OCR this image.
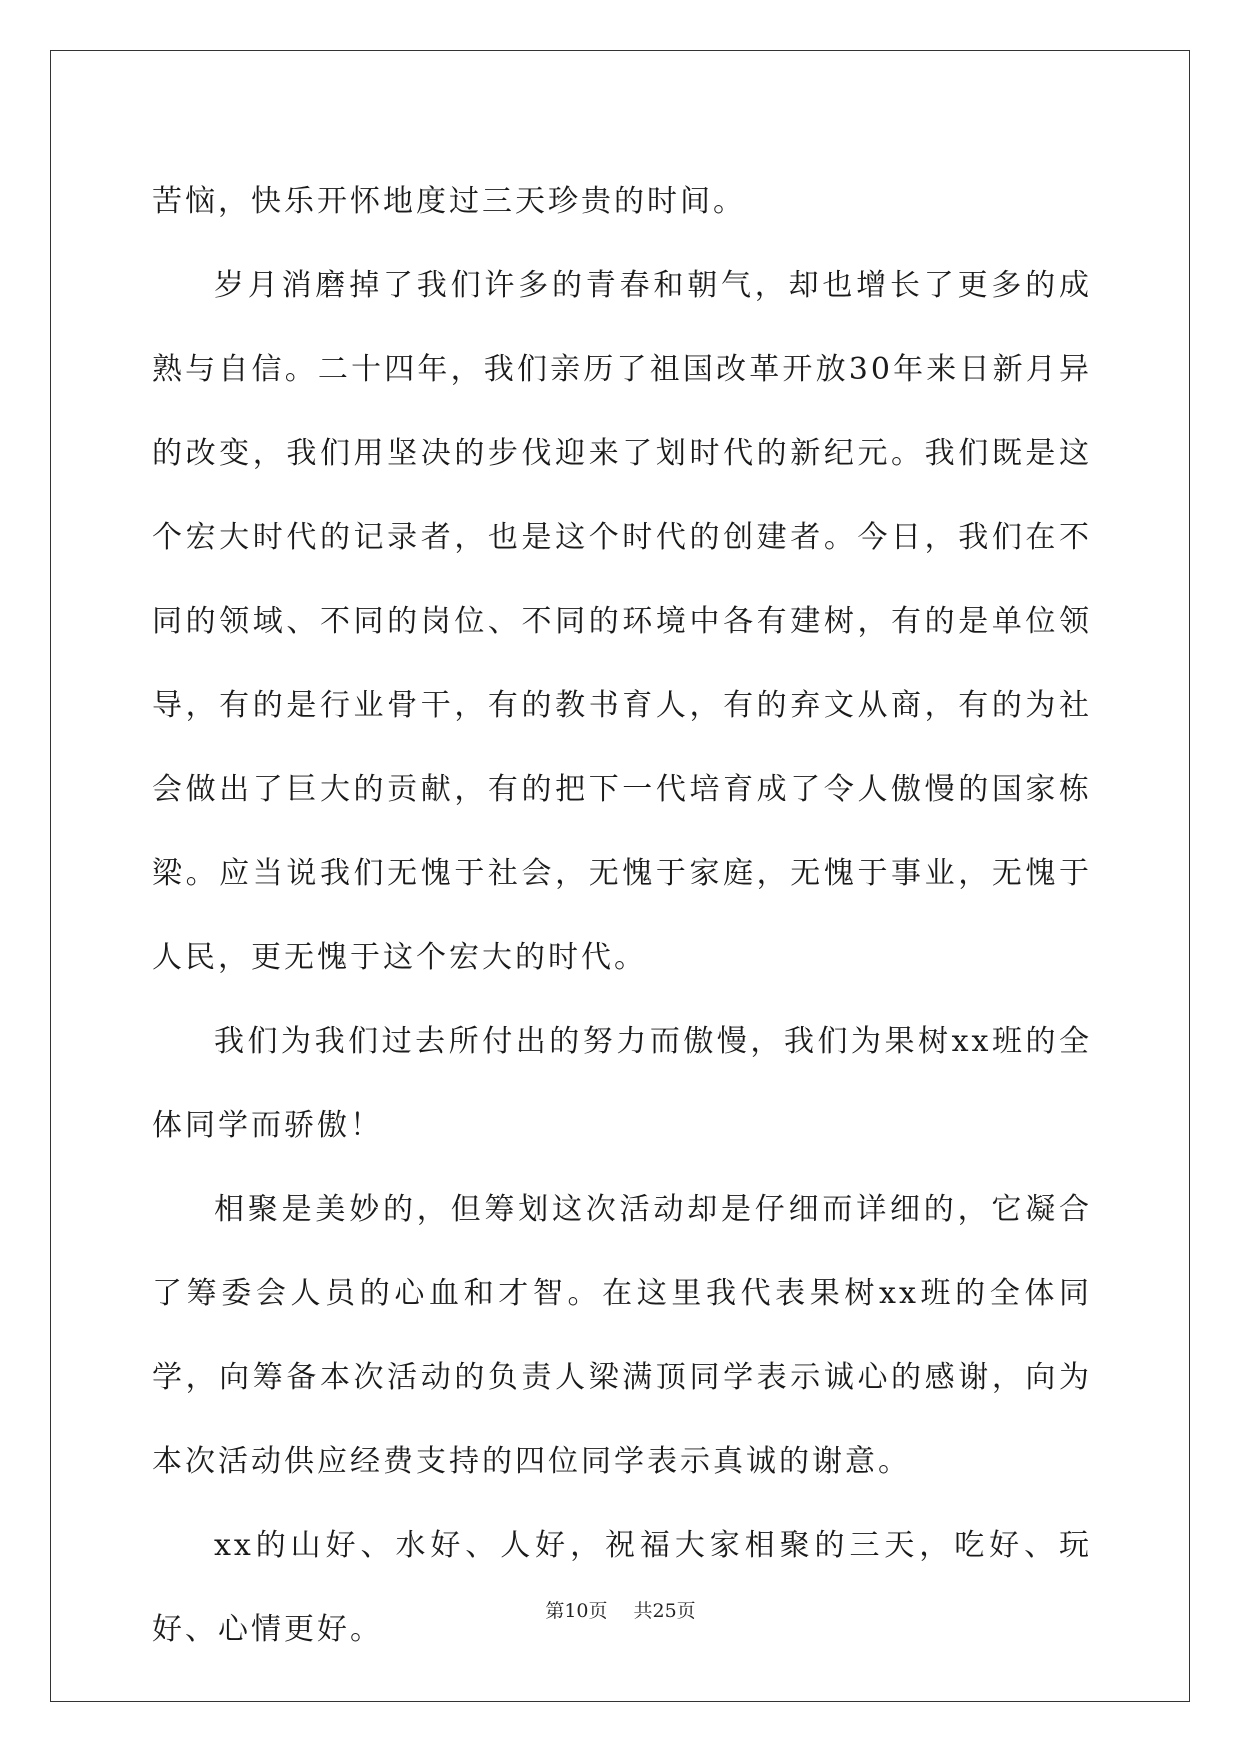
苦恼，快乐开怀地度过三天珍贵的时间。

岁月消磨掉了我们许多的青春和朝气，却也增长了更多的成熟与自信。二十四年，我们亲历了祖国改革开放30年来日新月异的改变，我们用坚决的步伐迎来了划时代的新纪元。我们既是这个宏大时代的记录者，也是这个时代的创建者。今日，我们在不同的领域、不同的岗位、不同的环境中各有建树，有的是单位领导，有的是行业骨干，有的教书育人，有的弃文从商，有的为社会做出了巨大的贡献，有的把下一代培育成了令人傲慢的国家栋梁。应当说我们无愧于社会，无愧于家庭，无愧于事业，无愧于人民，更无愧于这个宏大的时代。

我们为我们过去所付出的努力而傲慢，我们为果树xx班的全体同学而骄傲！

相聚是美妙的，但筹划这次活动却是仔细而详细的，它凝合了筹委会人员的心血和才智。在这里我代表果树xx班的全体同学，向筹备本次活动的负责人梁满顶同学表示诚心的感谢，向为本次活动供应经费支持的四位同学表示真诚的谢意。

xx的山好、水好、人好，祝福大家相聚的三天，吃好、玩好、心情更好。

第10页 共25页
